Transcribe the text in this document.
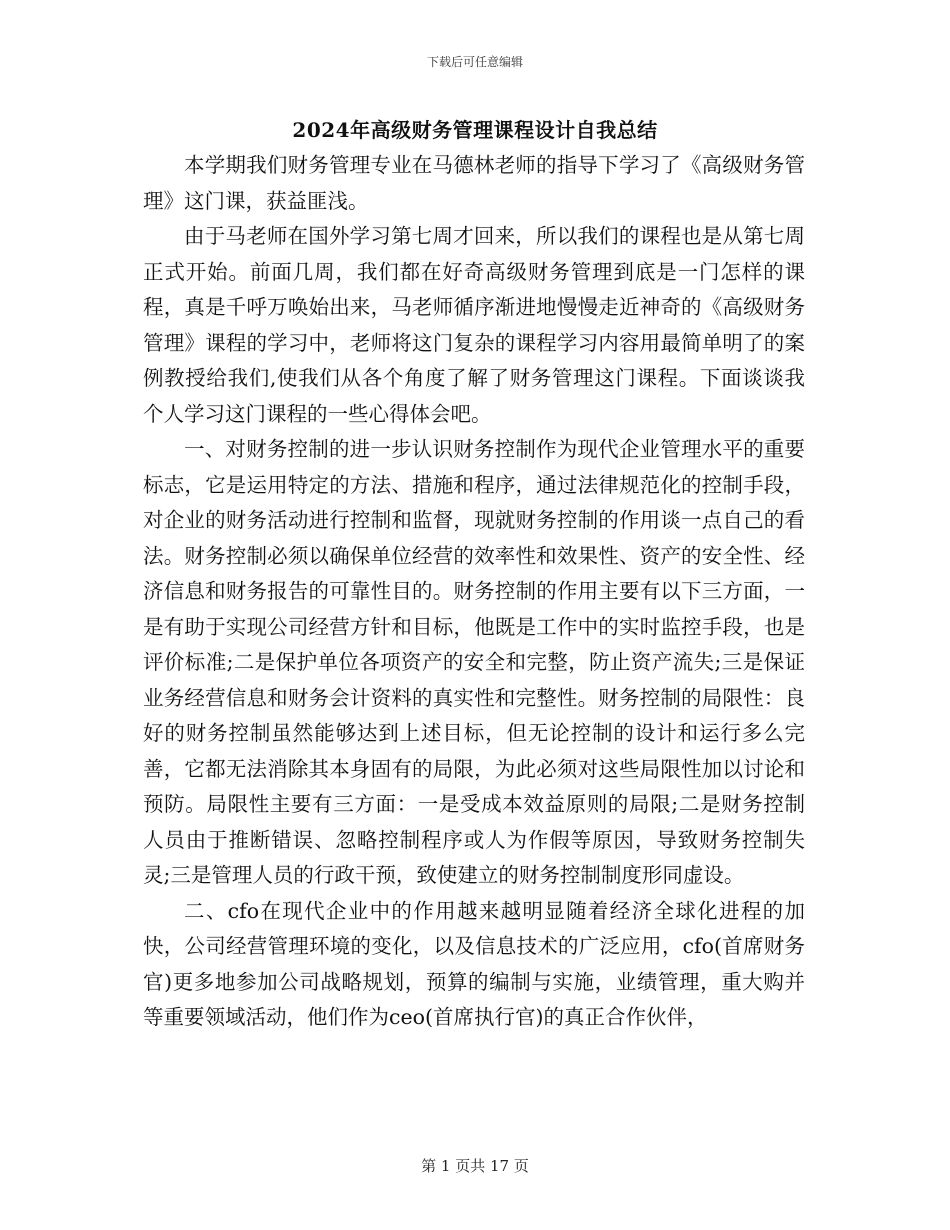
下载后可任意编辑
2024年高级财务管理课程设计自我总结

本学期我们财务管理专业在马德林老师的指导下学习了《高级财务管理》这门课，获益匪浅。

由于马老师在国外学习第七周才回来，所以我们的课程也是从第七周正式开始。前面几周，我们都在好奇高级财务管理到底是一门怎样的课程，真是千呼万唤始出来，马老师循序渐进地慢慢走近神奇的《高级财务管理》课程的学习中，老师将这门复杂的课程学习内容用最简单明了的案例教授给我们,使我们从各个角度了解了财务管理这门课程。下面谈谈我个人学习这门课程的一些心得体会吧。

一、对财务控制的进一步认识财务控制作为现代企业管理水平的重要标志，它是运用特定的方法、措施和程序，通过法律规范化的控制手段，对企业的财务活动进行控制和监督，现就财务控制的作用谈一点自己的看法。财务控制必须以确保单位经营的效率性和效果性、资产的安全性、经济信息和财务报告的可靠性目的。财务控制的作用主要有以下三方面，一是有助于实现公司经营方针和目标，他既是工作中的实时监控手段，也是评价标准;二是保护单位各项资产的安全和完整，防止资产流失;三是保证业务经营信息和财务会计资料的真实性和完整性。财务控制的局限性：良好的财务控制虽然能够达到上述目标，但无论控制的设计和运行多么完善，它都无法消除其本身固有的局限，为此必须对这些局限性加以讨论和预防。局限性主要有三方面：一是受成本效益原则的局限;二是财务控制人员由于推断错误、忽略控制程序或人为作假等原因，导致财务控制失灵;三是管理人员的行政干预，致使建立的财务控制制度形同虚设。

二、cfo在现代企业中的作用越来越明显随着经济全球化进程的加快，公司经营管理环境的变化，以及信息技术的广泛应用，cfo(首席财务官)更多地参加公司战略规划，预算的编制与实施，业绩管理，重大购并等重要领域活动，他们作为ceo(首席执行官)的真正合作伙伴，

第 1 页共 17 页
